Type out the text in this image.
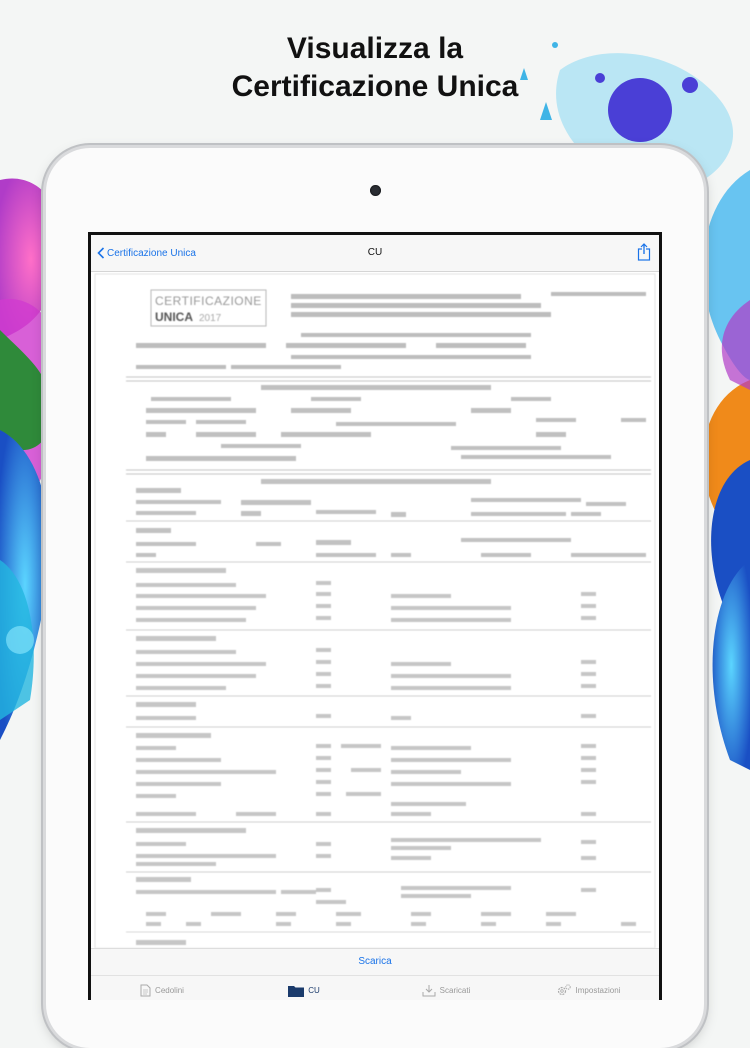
Visualizza la
Certificazione Unica
Certificazione Unica	CU
CERTIFICAZIONE
UNICA 2017
Scarica
Cedolini	CU	Scaricati	Impostazioni
